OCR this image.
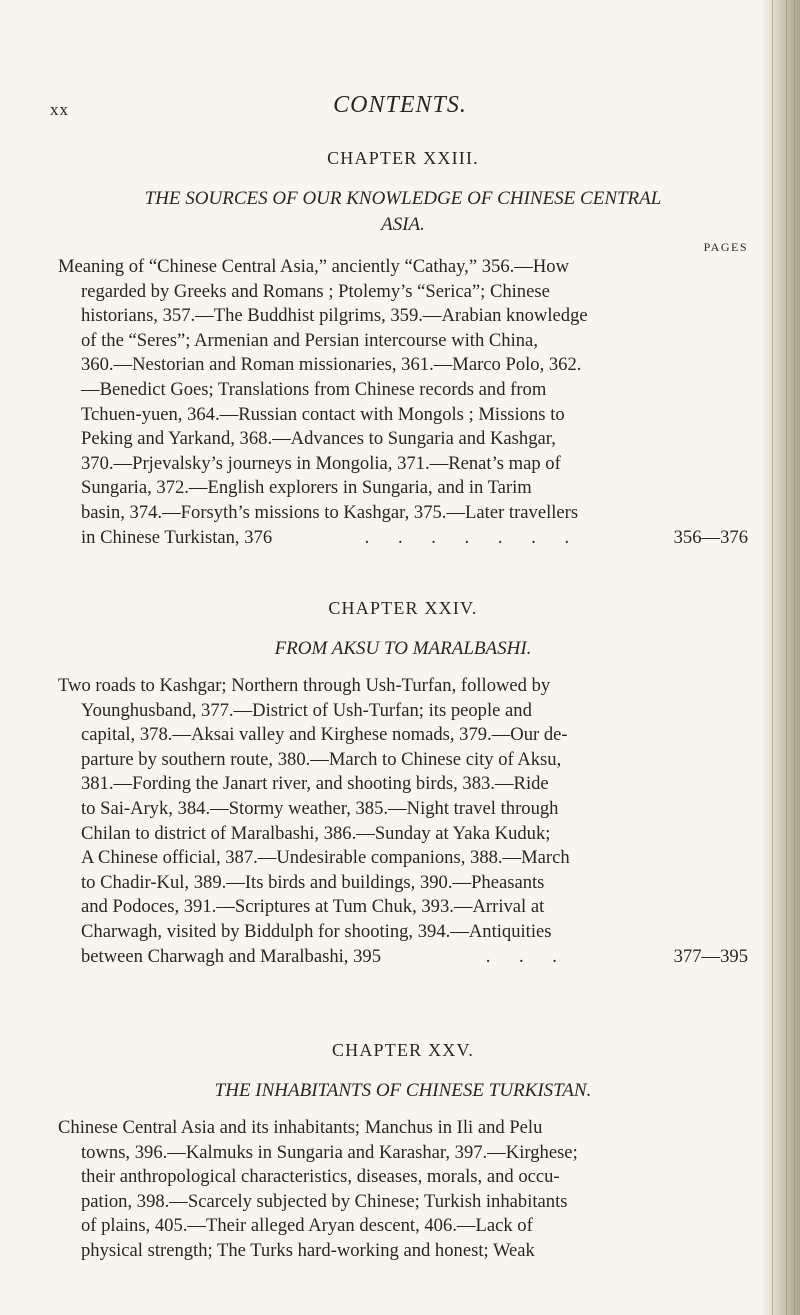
xx	CONTENTS.
CHAPTER XXIII.
THE SOURCES OF OUR KNOWLEDGE OF CHINESE CENTRAL
ASIA.
PAGES
Meaning of “Chinese Central Asia,” anciently “Cathay,” 356.—How
regarded by Greeks and Romans ; Ptolemy’s “Serica”; Chinese
historians, 357.—The Buddhist pilgrims, 359.—Arabian knowledge
of the “Seres”; Armenian and Persian intercourse with China,
360.—Nestorian and Roman missionaries, 361.—Marco Polo, 362.
—Benedict Goes; Translations from Chinese records and from
Tchuen-yuen, 364.—Russian contact with Mongols ; Missions to
Peking and Yarkand, 368.—Advances to Sungaria and Kashgar,
370.—Prjevalsky’s journeys in Mongolia, 371.—Renat’s map of
Sungaria, 372.—English explorers in Sungaria, and in Tarim
basin, 374.—Forsyth’s missions to Kashgar, 375.—Later travellers
in Chinese Turkistan, 376	. . . . . . .	356—376
CHAPTER XXIV.
FROM AKSU TO MARALBASHI.
Two roads to Kashgar; Northern through Ush-Turfan, followed by
Younghusband, 377.—District of Ush-Turfan; its people and
capital, 378.—Aksai valley and Kirghese nomads, 379.—Our de-
parture by southern route, 380.—March to Chinese city of Aksu,
381.—Fording the Janart river, and shooting birds, 383.—Ride
to Sai-Aryk, 384.—Stormy weather, 385.—Night travel through
Chilan to district of Maralbashi, 386.—Sunday at Yaka Kuduk;
A Chinese official, 387.—Undesirable companions, 388.—March
to Chadir-Kul, 389.—Its birds and buildings, 390.—Pheasants
and Podoces, 391.—Scriptures at Tum Chuk, 393.—Arrival at
Charwagh, visited by Biddulph for shooting, 394.—Antiquities
between Charwagh and Maralbashi, 395	. . .	377—395
CHAPTER XXV.
THE INHABITANTS OF CHINESE TURKISTAN.
Chinese Central Asia and its inhabitants; Manchus in Ili and Pelu
towns, 396.—Kalmuks in Sungaria and Karashar, 397.—Kirghese;
their anthropological characteristics, diseases, morals, and occu-
pation, 398.—Scarcely subjected by Chinese; Turkish inhabitants
of plains, 405.—Their alleged Aryan descent, 406.—Lack of
physical strength; The Turks hard-working and honest; Weak
